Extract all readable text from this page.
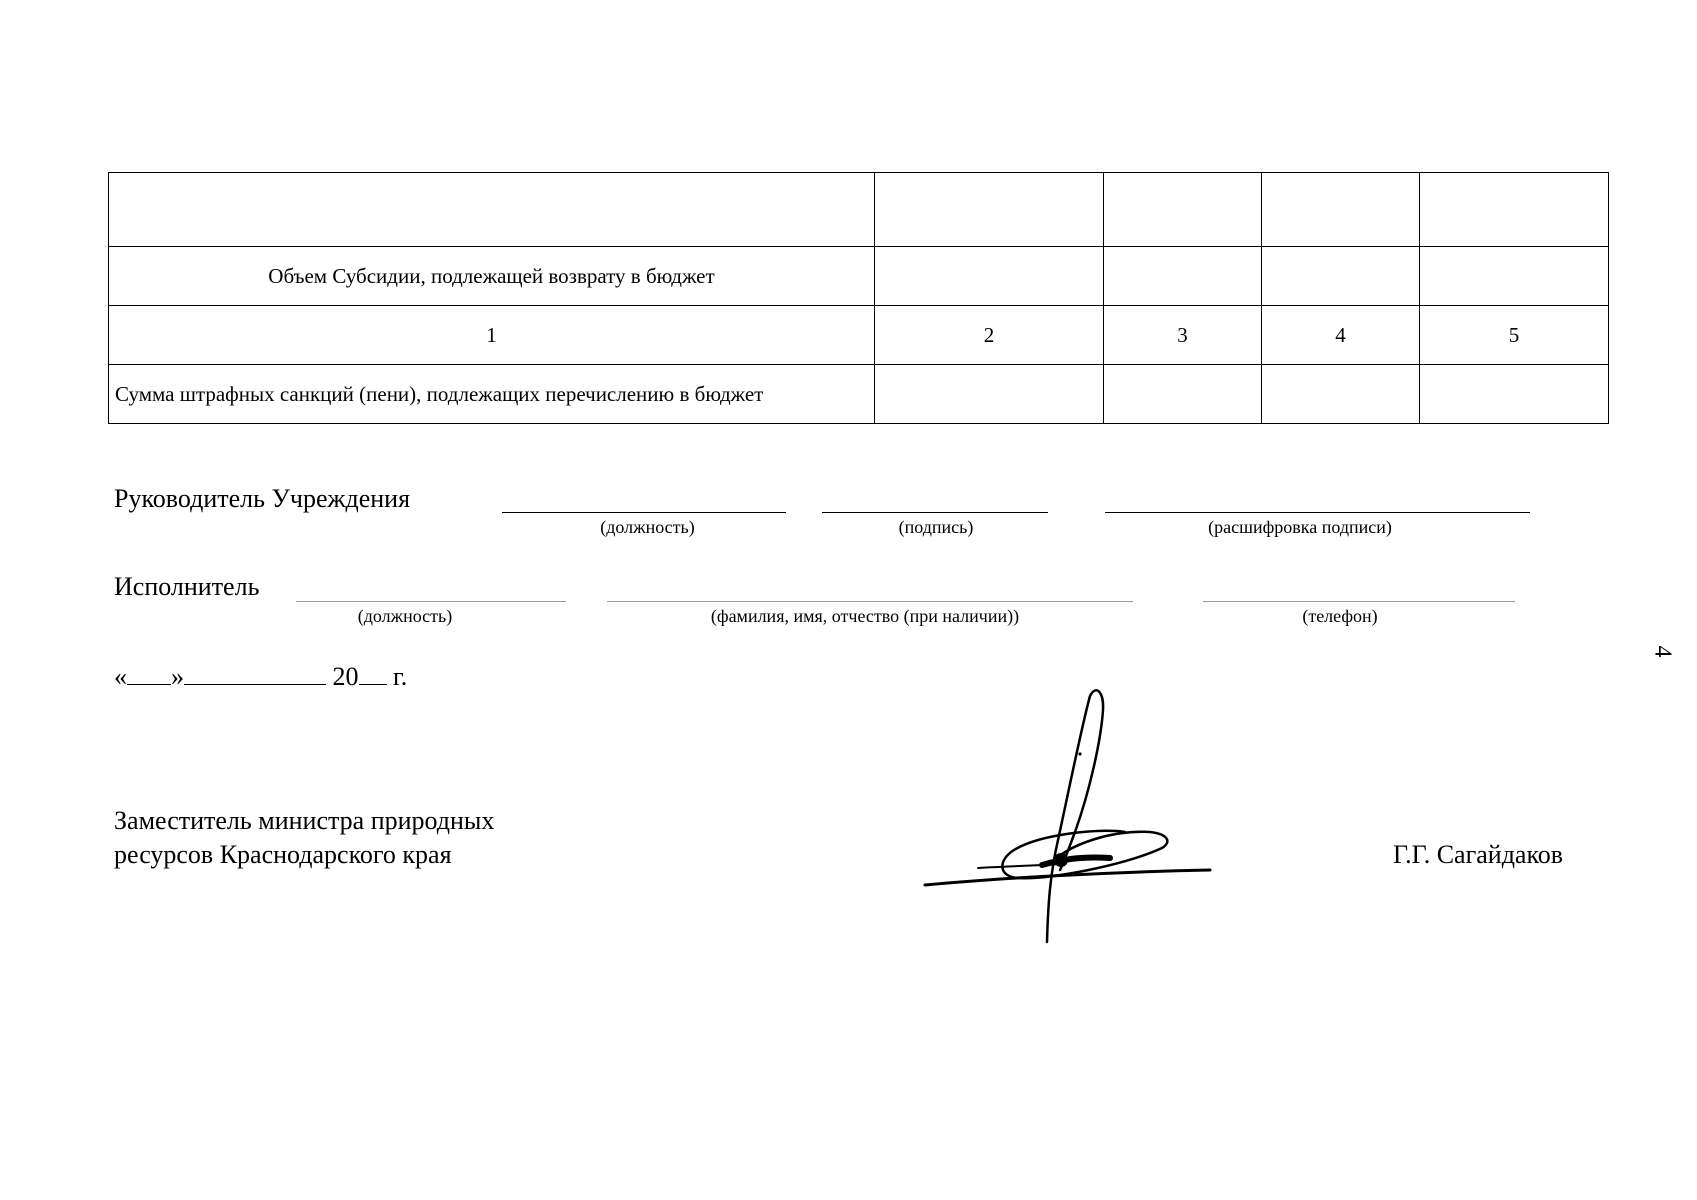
Объем Субсидии, подлежащей возврату в бюджет				
1	2	3	4	5
Сумма штрафных санкций (пени), подлежащих перечислению в бюджет				
Руководитель Учреждения
(должность)	(подпись)	(расшифровка подписи)
Исполнитель
(должность)	(фамилия, имя, отчество (при наличии))	(телефон)
« »	20 г.
Заместитель министра природных
ресурсов Краснодарского края	Г.Г. Сагайдаков
4
